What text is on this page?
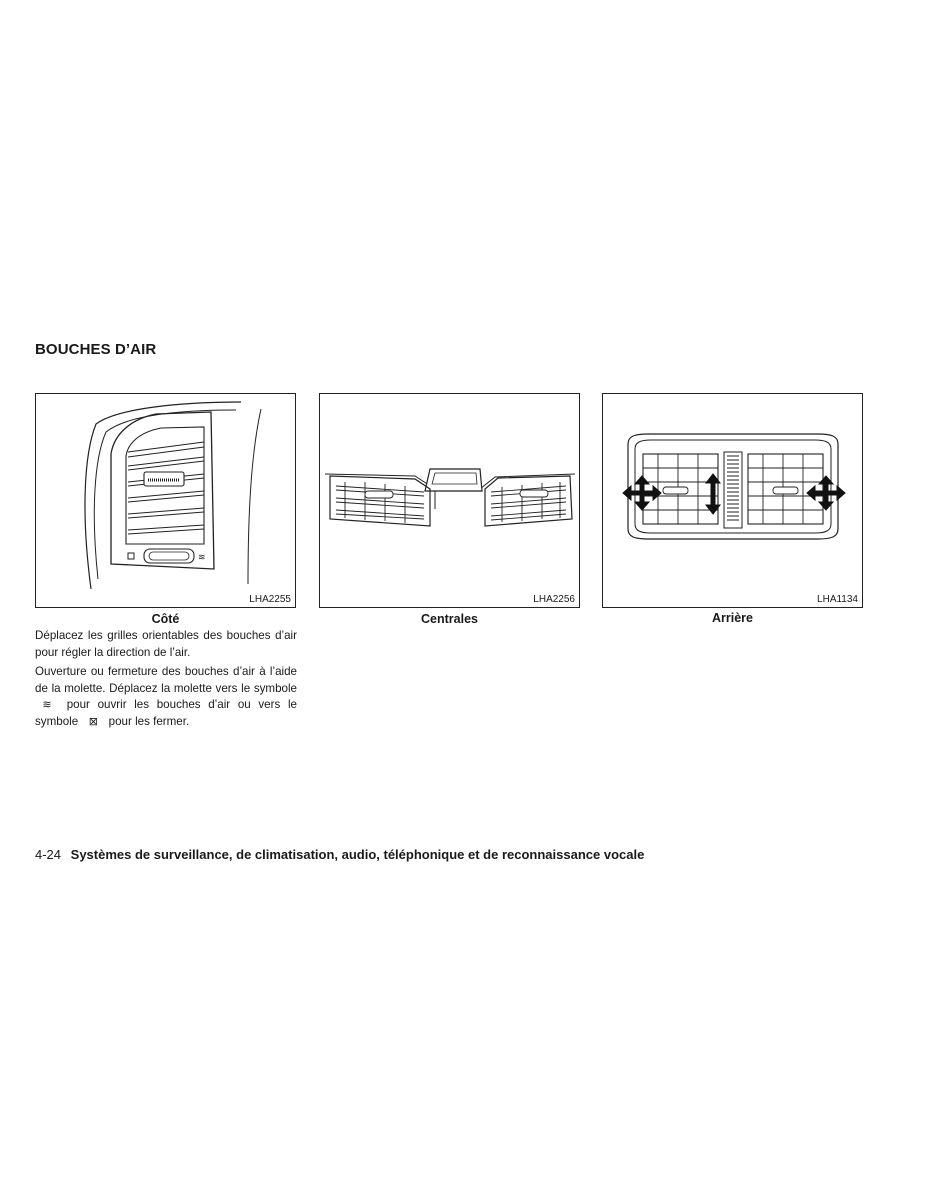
BOUCHES D’AIR
≋
LHA2255
Côté
LHA2256
Centrales
LHA1134
Arrière
Déplacez les grilles orientables des bouches d’air pour régler la direction de l’air.
Ouverture ou fermeture des bouches d’air à l’aide de la molette. Déplacez la molette vers le symbole ≋ pour ouvrir les bouches d’air ou vers le symbole ⊠ pour les fermer.
4-24 Systèmes de surveillance, de climatisation, audio, téléphonique et de reconnaissance vocale
